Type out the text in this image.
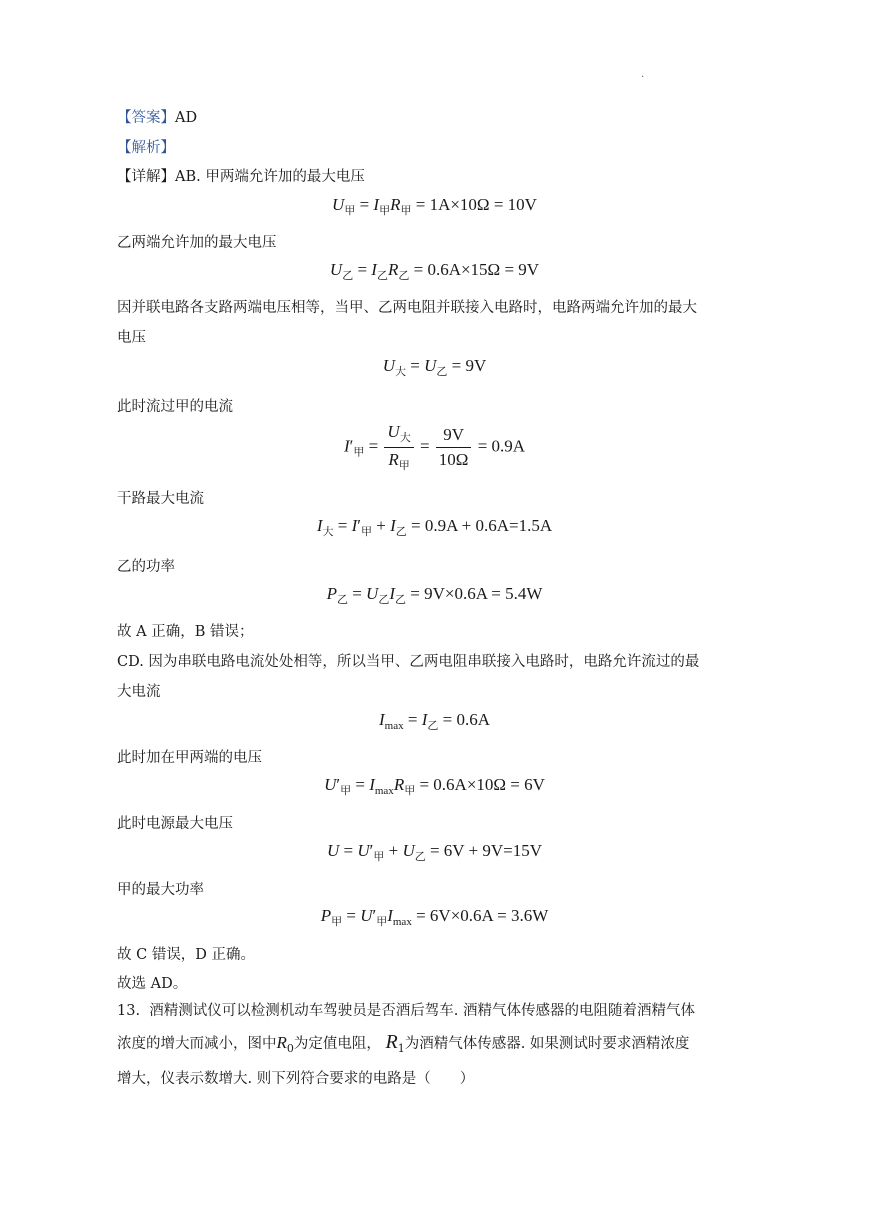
·
【答案】AD
【解析】
【详解】AB. 甲两端允许加的最大电压
$U_甲 = I_甲R_甲 = 1A\times 10\Omega = 10V$
乙两端允许加的最大电压
$U_乙 = I_乙R_乙 = 0.6A\times 15\Omega = 9V$
因并联电路各支路两端电压相等，当甲、乙两电阻并联接入电路时，电路两端允许加的最大
电压
$U_大 = U_乙 = 9V$
此时流过甲的电流
$I'_甲 = \frac{U_大}{R_甲} = \frac{9V}{10\Omega} = 0.9A$
干路最大电流
$I_大 = I'_甲 + I_乙 = 0.9A + 0.6A=1.5A$
乙的功率
$P_乙 = U_乙I_乙 = 9V\times 0.6A = 5.4W$
故 A 正确，B 错误；
CD. 因为串联电路电流处处相等，所以当甲、乙两电阻串联接入电路时，电路允许流过的最
大电流
$I_{max} = I_乙 = 0.6A$
此时加在甲两端的电压
$U'_甲 = I_{max}R_甲 = 0.6A\times 10\Omega = 6V$
此时电源最大电压
$U = U'_甲 + U_乙 = 6V + 9V=15V$
甲的最大功率
$P_甲 = U'_甲I_{max} = 6V\times 0.6A = 3.6W$
故 C 错误，D 正确。
故选 AD。
13. 酒精测试仪可以检测机动车驾驶员是否酒后驾车. 酒精气体传感器的电阻随着酒精气体
浓度的增大而减小，图中$R_0$为定值电阻， $R_1$为酒精气体传感器. 如果测试时要求酒精浓度
增大，仪表示数增大. 则下列符合要求的电路是（　　）
